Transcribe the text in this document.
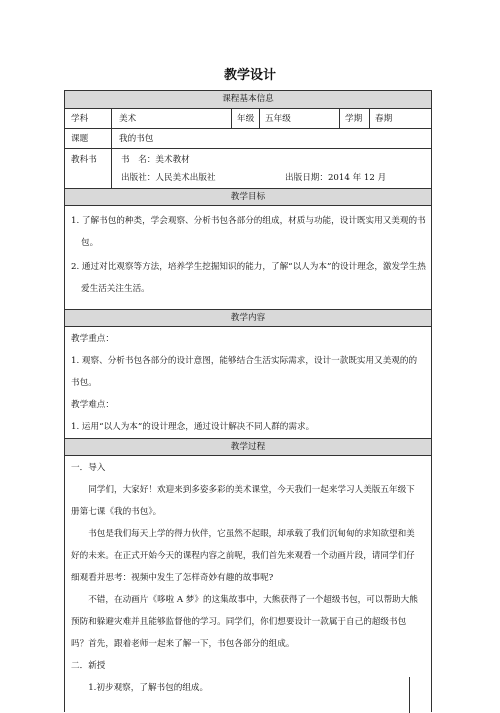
教学设计
课程基本信息
学科	美术	年级 五年级	学期 春期
课题	我的书包
教科书	书　名：美术教材
出版社：人民美术出版社	出版日期：2014 年 12 月
教学目标
1. 了解书包的种类，学会观察、分析书包各部分的组成，材质与功能，设计既实用又美观的书包。
2. 通过对比观察等方法，培养学生挖掘知识的能力，了解“以人为本”的设计理念，激发学生热爱生活关注生活。
教学内容
教学重点：
1. 观察、分析书包各部分的设计意图，能够结合生活实际需求，设计一款既实用又美观的的书包。
教学难点：
1. 运用“以人为本”的设计理念，通过设计解决不同人群的需求。
教学过程
一．导入
同学们，大家好！欢迎来到多姿多彩的美术课堂，今天我们一起来学习人美版五年级下册第七课《我的书包》。
书包是我们每天上学的得力伙伴，它虽然不起眼，却承载了我们沉甸甸的求知欲望和美好的未来。在正式开始今天的课程内容之前呢，我们首先来观看一个动画片段，请同学们仔细观看并思考：视频中发生了怎样奇妙有趣的故事呢?
不错，在动画片《哆啦 A 梦》的这集故事中，大熊获得了一个超级书包，可以帮助大熊预防和躲避灾难并且能够监督他的学习。同学们，你们想要设计一款属于自己的超级书包吗？首先，跟着老师一起来了解一下，书包各部分的组成。
二．新授
1.初步观察，了解书包的组成。
